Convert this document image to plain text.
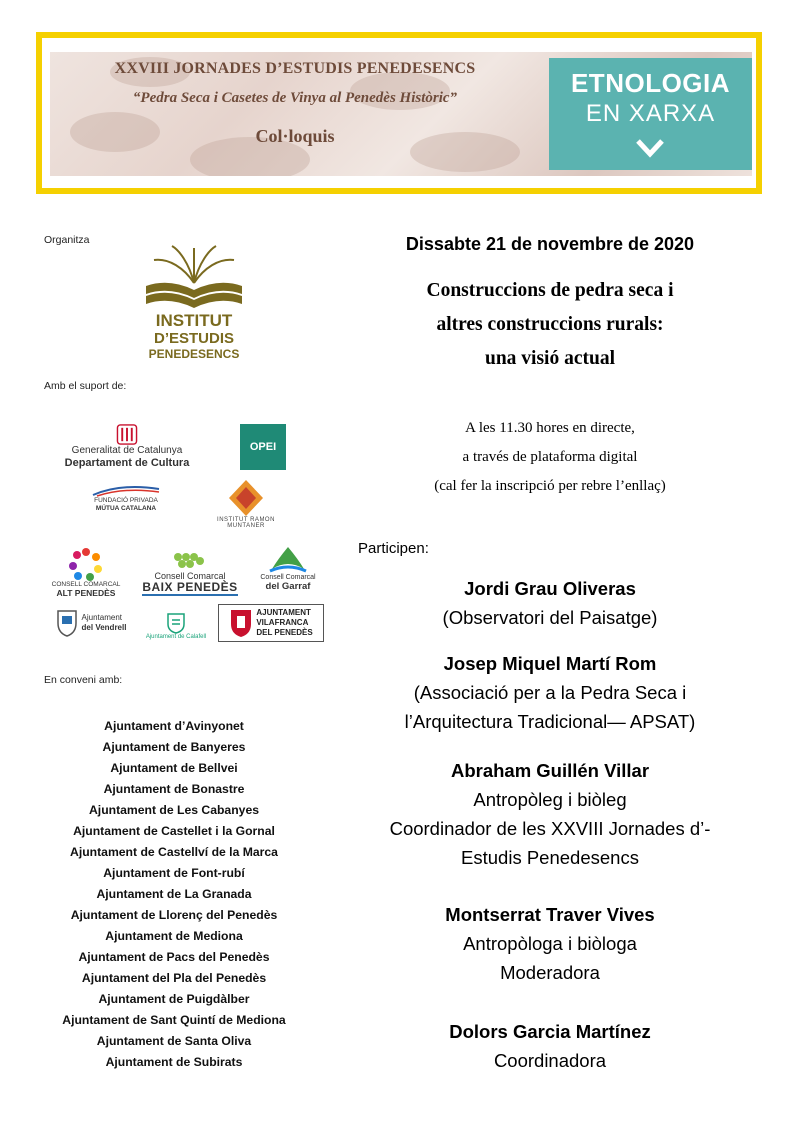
XXVIII JORNADES D’ESTUDIS PENEDESENCS
“Pedra Seca i Casetes de Vinya al Penedès Històric”
Col·loquis
ETNOLOGIA
EN XARXA
Organitza
INSTITUT
D’ESTUDIS
PENEDESENCS
Amb el suport de:
Generalitat de Catalunya
Departament de Cultura
OPEI
FUNDACIÓ PRIVADA
MÚTUA CATALANA
INSTITUT RAMON MUNTANER
CONSELL COMARCAL
ALT PENEDÈS
Consell Comarcal
BAIX PENEDÈS
Consell Comarcal
del Garraf
Ajuntament
del Vendrell
Ajuntament de Calafell
AJUNTAMENT
VILAFRANCA
DEL PENEDÈS
En conveni amb:
Ajuntament d’Avinyonet
Ajuntament de Banyeres
Ajuntament de Bellvei
Ajuntament de Bonastre
Ajuntament de Les Cabanyes
Ajuntament de Castellet i la Gornal
Ajuntament de Castellví de la Marca
Ajuntament de Font-rubí
Ajuntament de La Granada
Ajuntament de Llorenç del Penedès
Ajuntament de Mediona
Ajuntament de Pacs del Penedès
Ajuntament del Pla del Penedès
Ajuntament de Puigdàlber
Ajuntament de Sant Quintí de Mediona
Ajuntament de Santa Oliva
Ajuntament de Subirats
Dissabte 21 de novembre de 2020
Construccions de pedra seca i
altres construccions rurals:
una visió actual
A les 11.30 hores en directe,
a través de plataforma digital
(cal fer la inscripció per rebre l’enllaç)
Participen:
Jordi Grau Oliveras
(Observatori del Paisatge)
Josep Miquel Martí Rom
(Associació per a la Pedra Seca i
l’Arquitectura Tradicional— APSAT)
Abraham Guillén Villar
Antropòleg i biòleg
Coordinador de les XXVIII Jornades d’-
Estudis Penedesencs
Montserrat Traver Vives
Antropòloga i biòloga
Moderadora
Dolors Garcia Martínez
Coordinadora
